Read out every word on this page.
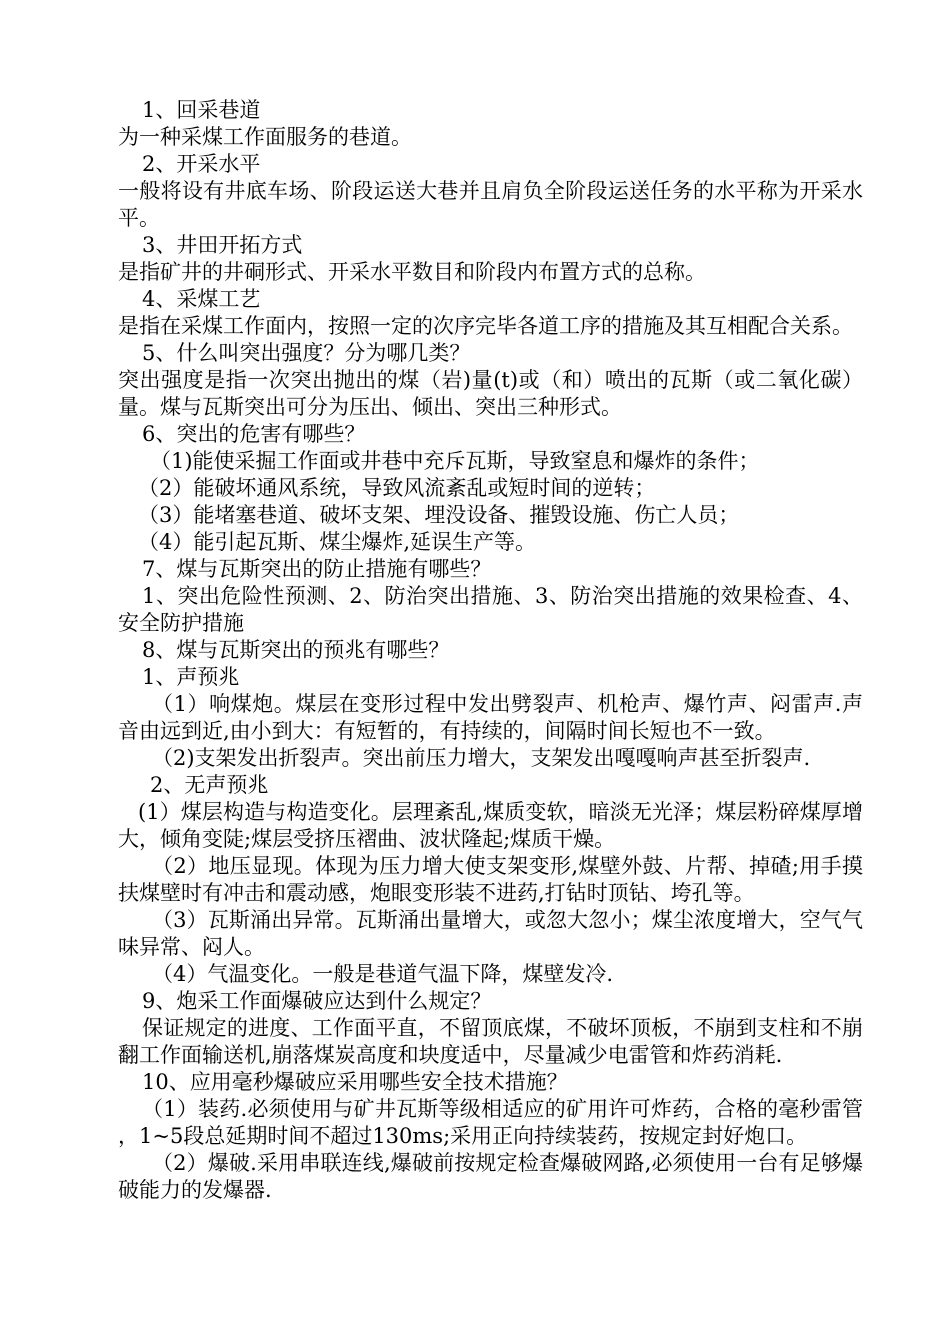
1、回采巷道

为一种采煤工作面服务的巷道。

2、开采水平

一般将设有井底车场、阶段运送大巷并且肩负全阶段运送任务的水平称为开采水平。

3、井田开拓方式

是指矿井的井硐形式、开采水平数目和阶段内布置方式的总称。

4、采煤工艺

是指在采煤工作面内，按照一定的次序完毕各道工序的措施及其互相配合关系。

5、什么叫突出强度？分为哪几类？

突出强度是指一次突出抛出的煤（岩)量(t)或（和）喷出的瓦斯（或二氧化碳）量。煤与瓦斯突出可分为压出、倾出、突出三种形式。

6、突出的危害有哪些？

（1)能使采掘工作面或井巷中充斥瓦斯，导致窒息和爆炸的条件；

（2）能破坏通风系统，导致风流紊乱或短时间的逆转；

（3）能堵塞巷道、破坏支架、埋没设备、摧毁设施、伤亡人员；

（4）能引起瓦斯、煤尘爆炸,延误生产等。

7、煤与瓦斯突出的防止措施有哪些？

1、突出危险性预测、2、防治突出措施、3、防治突出措施的效果检查、4、安全防护措施

8、煤与瓦斯突出的预兆有哪些？

1、声预兆

（1）响煤炮。煤层在变形过程中发出劈裂声、机枪声、爆竹声、闷雷声.声音由远到近,由小到大：有短暂的，有持续的，间隔时间长短也不一致。

（2)支架发出折裂声。突出前压力增大，支架发出嘎嘎响声甚至折裂声.

2、无声预兆

(1）煤层构造与构造变化。层理紊乱,煤质变软，暗淡无光泽；煤层粉碎煤厚增大，倾角变陡;煤层受挤压褶曲、波状隆起;煤质干燥。

（2）地压显现。体现为压力增大使支架变形,煤壁外鼓、片帮、掉碴;用手摸扶煤壁时有冲击和震动感，炮眼变形装不进药,打钻时顶钻、垮孔等。

（3）瓦斯涌出异常。瓦斯涌出量增大，或忽大忽小；煤尘浓度增大，空气气味异常、闷人。

（4）气温变化。一般是巷道气温下降，煤壁发冷.

9、炮采工作面爆破应达到什么规定？

保证规定的进度、工作面平直，不留顶底煤，不破坏顶板，不崩到支柱和不崩翻工作面输送机,崩落煤炭高度和块度适中，尽量减少电雷管和炸药消耗.

10、应用毫秒爆破应采用哪些安全技术措施？

（1）装药.必须使用与矿井瓦斯等级相适应的矿用许可炸药，合格的毫秒雷管，1~5段总延期时间不超过130ms;采用正向持续装药，按规定封好炮口。

（2）爆破.采用串联连线,爆破前按规定检查爆破网路,必须使用一台有足够爆破能力的发爆器.
